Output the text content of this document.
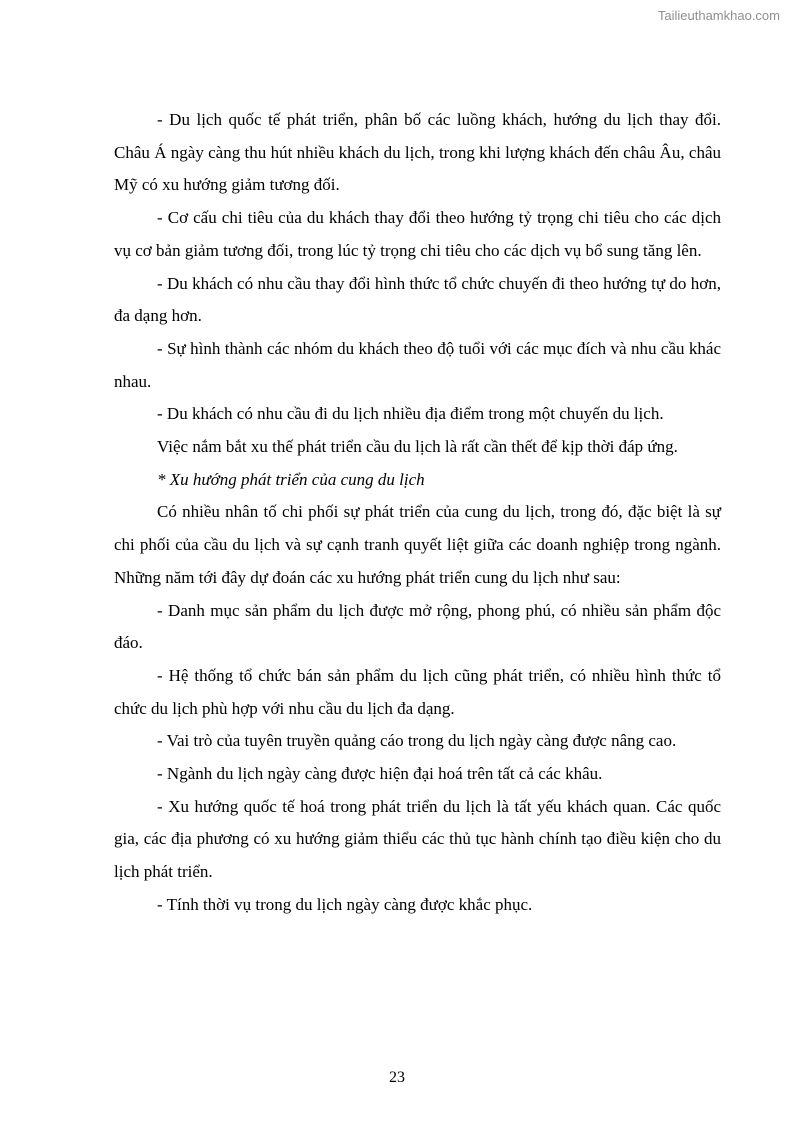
Tailieuthamkhao.com

- Du lịch quốc tế phát triển, phân bố các luồng khách, hướng du lịch thay đổi. Châu Á ngày càng thu hút nhiều khách du lịch, trong khi lượng khách đến châu Âu, châu Mỹ có xu hướng giảm tương đối.

- Cơ cấu chi tiêu của du khách thay đổi theo hướng tỷ trọng chi tiêu cho các dịch vụ cơ bản giảm tương đối, trong lúc tỷ trọng chi tiêu cho các dịch vụ bổ sung tăng lên.

- Du khách có nhu cầu thay đổi hình thức tổ chức chuyến đi theo hướng tự do hơn, đa dạng hơn.

- Sự hình thành các nhóm du khách theo độ tuổi với các mục đích và nhu cầu khác nhau.

- Du khách có nhu cầu đi du lịch nhiều địa điểm trong một chuyến du lịch.

Việc nắm bắt xu thế phát triển cầu du lịch là rất cần thết để kịp thời đáp ứng.

* Xu hướng phát triển của cung du lịch

Có nhiều nhân tố chi phối sự phát triển của cung du lịch, trong đó, đặc biệt là sự chi phối của cầu du lịch và sự cạnh tranh quyết liệt giữa các doanh nghiệp trong ngành. Những năm tới đây dự đoán các xu hướng phát triển cung du lịch như sau:

- Danh mục sản phẩm du lịch được mở rộng, phong phú, có nhiều sản phẩm độc đáo.

- Hệ thống tổ chức bán sản phẩm du lịch cũng phát triển, có nhiều hình thức tổ chức du lịch phù hợp với nhu cầu du lịch đa dạng.

- Vai trò của tuyên truyền quảng cáo trong du lịch ngày càng được nâng cao.

- Ngành du lịch ngày càng được hiện đại hoá trên tất cả các khâu.

- Xu hướng quốc tế hoá trong phát triển du lịch là tất yếu khách quan. Các quốc gia, các địa phương có xu hướng giảm thiểu các thủ tục hành chính tạo điều kiện cho du lịch phát triển.

- Tính thời vụ trong du lịch ngày càng được khắc phục.

23
